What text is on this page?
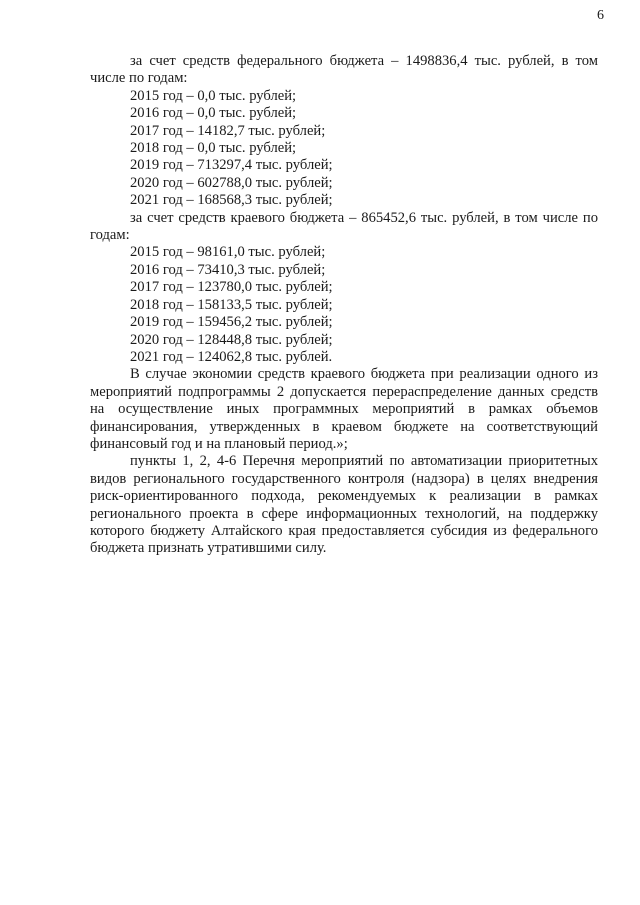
6

за счет средств федерального бюджета – 1498836,4 тыс. рублей, в том числе по годам:

2015 год – 0,0 тыс. рублей;
2016 год – 0,0 тыс. рублей;
2017 год – 14182,7 тыс. рублей;
2018 год – 0,0 тыс. рублей;
2019 год – 713297,4 тыс. рублей;
2020 год – 602788,0 тыс. рублей;
2021 год – 168568,3 тыс. рублей;

за счет средств краевого бюджета – 865452,6 тыс. рублей, в том числе по годам:

2015 год – 98161,0 тыс. рублей;
2016 год – 73410,3 тыс. рублей;
2017 год – 123780,0 тыс. рублей;
2018 год – 158133,5 тыс. рублей;
2019 год – 159456,2 тыс. рублей;
2020 год – 128448,8 тыс. рублей;
2021 год – 124062,8 тыс. рублей.

В случае экономии средств краевого бюджета при реализации одного из мероприятий подпрограммы 2 допускается перераспределение данных средств на осуществление иных программных мероприятий в рамках объемов финансирования, утвержденных в краевом бюджете на соответствующий финансовый год и на плановый период.»;

пункты 1, 2, 4-6 Перечня мероприятий по автоматизации приоритетных видов регионального государственного контроля (надзора) в целях внедрения риск-ориентированного подхода, рекомендуемых к реализации в рамках регионального проекта в сфере информационных технологий, на поддержку которого бюджету Алтайского края предоставляется субсидия из федерального бюджета признать утратившими силу.
